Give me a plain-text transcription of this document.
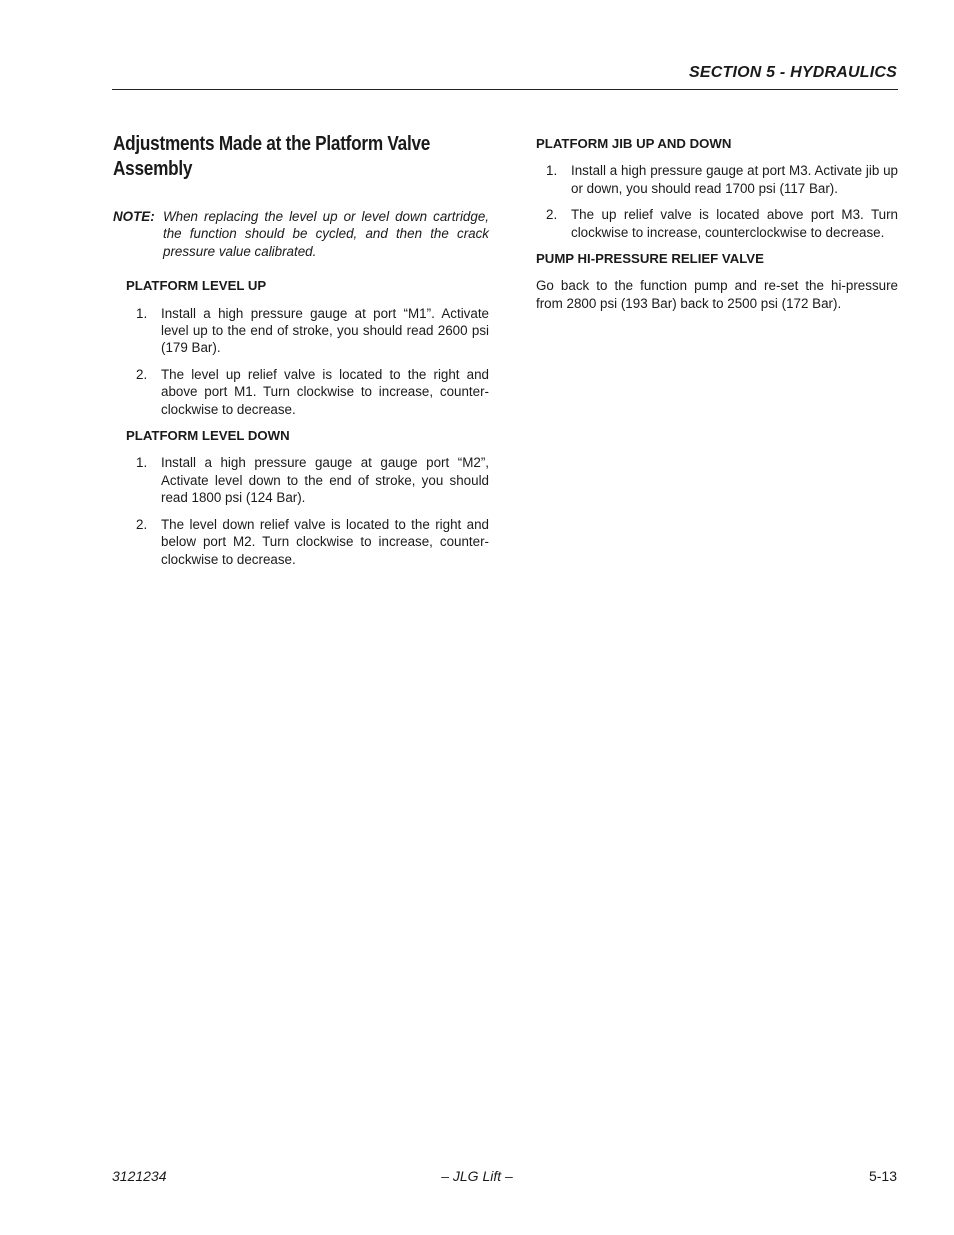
SECTION 5 - HYDRAULICS
Adjustments Made at the Platform Valve Assembly
NOTE: When replacing the level up or level down cartridge, the function should be cycled, and then the crack pressure value calibrated.

PLATFORM LEVEL UP

1.	Install a high pressure gauge at port “M1”. Activate level up to the end of stroke, you should read 2600 psi (179 Bar).
2.	The level up relief valve is located to the right and above port M1. Turn clockwise to increase, counter-clockwise to decrease.

PLATFORM LEVEL DOWN

1.	Install a high pressure gauge at gauge port “M2”, Activate level down to the end of stroke, you should read 1800 psi (124 Bar).
2.	The level down relief valve is located to the right and below port M2. Turn clockwise to increase, counter-clockwise to decrease.

PLATFORM JIB UP AND DOWN

1.	Install a high pressure gauge at port M3. Activate jib up or down, you should read 1700 psi (117 Bar).
2.	The up relief valve is located above port M3. Turn clockwise to increase, counterclockwise to decrease.

PUMP HI-PRESSURE RELIEF VALVE

Go back to the function pump and re-set the hi-pressure from 2800 psi (193 Bar) back to 2500 psi (172 Bar).

– JLG Lift –
3121234	5-13
